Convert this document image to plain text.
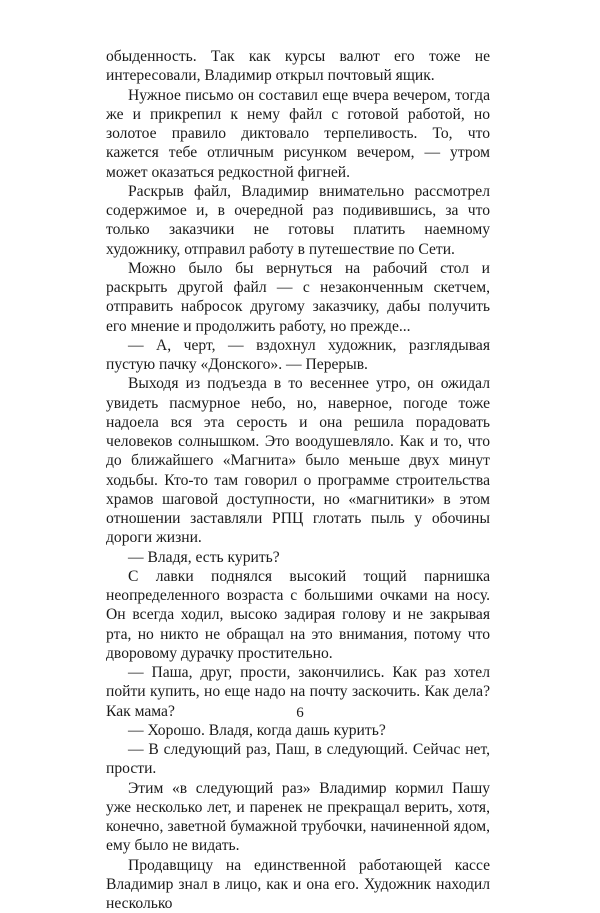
обыденность. Так как курсы валют его тоже не интересовали, Владимир открыл почтовый ящик.

Нужное письмо он составил еще вчера вечером, тогда же и прикрепил к нему файл с готовой работой, но золотое правило диктовало терпеливость. То, что кажется тебе отличным рисунком вечером, — утром может оказаться редкостной фигней.

Раскрыв файл, Владимир внимательно рассмотрел содержимое и, в очередной раз подивившись, за что только заказчики не готовы платить наемному художнику, отправил работу в путешествие по Сети.

Можно было бы вернуться на рабочий стол и раскрыть другой файл — с незаконченным скетчем, отправить набросок другому заказчику, дабы получить его мнение и продолжить работу, но прежде...

— А, черт, — вздохнул художник, разглядывая пустую пачку «Донского». — Перерыв.

Выходя из подъезда в то весеннее утро, он ожидал увидеть пасмурное небо, но, наверное, погоде тоже надоела вся эта серость и она решила порадовать человеков солнышком. Это воодушевляло. Как и то, что до ближайшего «Магнита» было меньше двух минут ходьбы. Кто-то там говорил о программе строительства храмов шаговой доступности, но «магнитики» в этом отношении заставляли РПЦ глотать пыль у обочины дороги жизни.

— Владя, есть курить?

С лавки поднялся высокий тощий парнишка неопределенного возраста с большими очками на носу. Он всегда ходил, высоко задирая голову и не закрывая рта, но никто не обращал на это внимания, потому что дворовому дурачку простительно.

— Паша, друг, прости, закончились. Как раз хотел пойти купить, но еще надо на почту заскочить. Как дела? Как мама?

— Хорошо. Владя, когда дашь курить?

— В следующий раз, Паш, в следующий. Сейчас нет, прости.

Этим «в следующий раз» Владимир кормил Пашу уже несколько лет, и паренек не прекращал верить, хотя, конечно, заветной бумажной трубочки, начиненной ядом, ему было не видать.

Продавщицу на единственной работающей кассе Владимир знал в лицо, как и она его. Художник находил несколько

6
